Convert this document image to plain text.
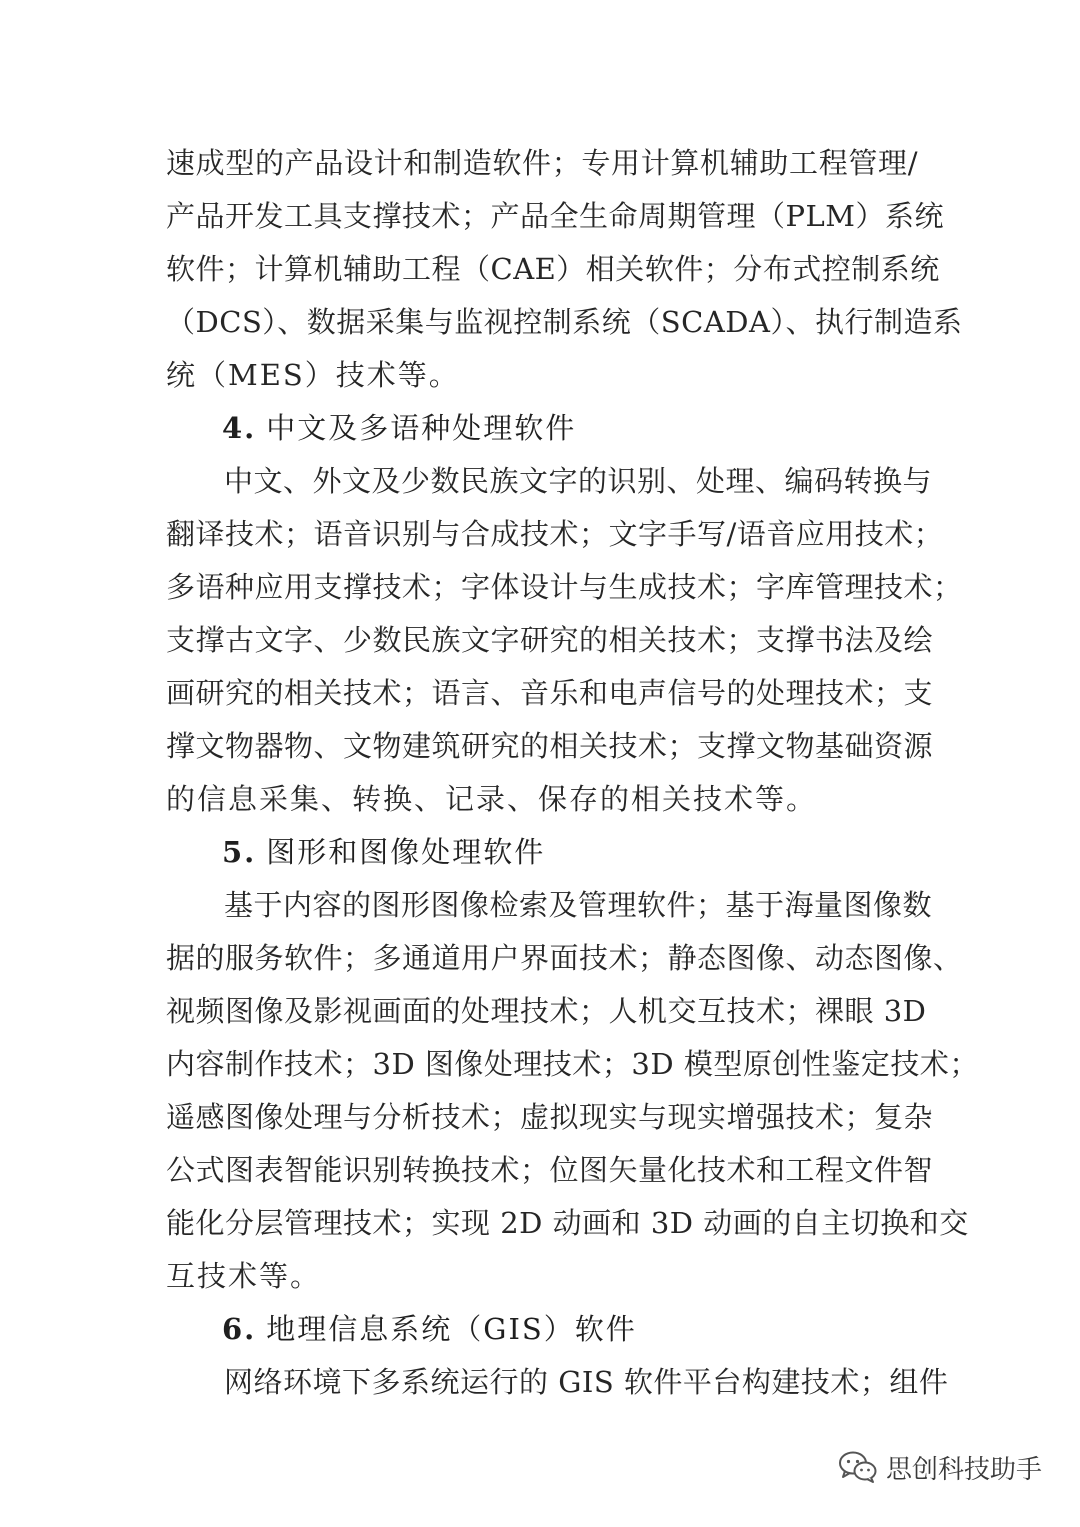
速成型的产品设计和制造软件；专用计算机辅助工程管理/
产品开发工具支撑技术；产品全生命周期管理（PLM）系统
软件；计算机辅助工程（CAE）相关软件；分布式控制系统
（DCS）、数据采集与监视控制系统（SCADA）、执行制造系
统（MES）技术等。
4. 中文及多语种处理软件
中文、外文及少数民族文字的识别、处理、编码转换与
翻译技术；语音识别与合成技术；文字手写/语音应用技术；
多语种应用支撑技术；字体设计与生成技术；字库管理技术；
支撑古文字、少数民族文字研究的相关技术；支撑书法及绘
画研究的相关技术；语言、音乐和电声信号的处理技术；支
撑文物器物、文物建筑研究的相关技术；支撑文物基础资源
的信息采集、转换、记录、保存的相关技术等。
5. 图形和图像处理软件
基于内容的图形图像检索及管理软件；基于海量图像数
据的服务软件；多通道用户界面技术；静态图像、动态图像、
视频图像及影视画面的处理技术；人机交互技术；裸眼 3D
内容制作技术；3D 图像处理技术；3D 模型原创性鉴定技术；
遥感图像处理与分析技术；虚拟现实与现实增强技术；复杂
公式图表智能识别转换技术；位图矢量化技术和工程文件智
能化分层管理技术；实现 2D 动画和 3D 动画的自主切换和交
互技术等。
6. 地理信息系统（GIS）软件
网络环境下多系统运行的 GIS 软件平台构建技术；组件
思创科技助手
